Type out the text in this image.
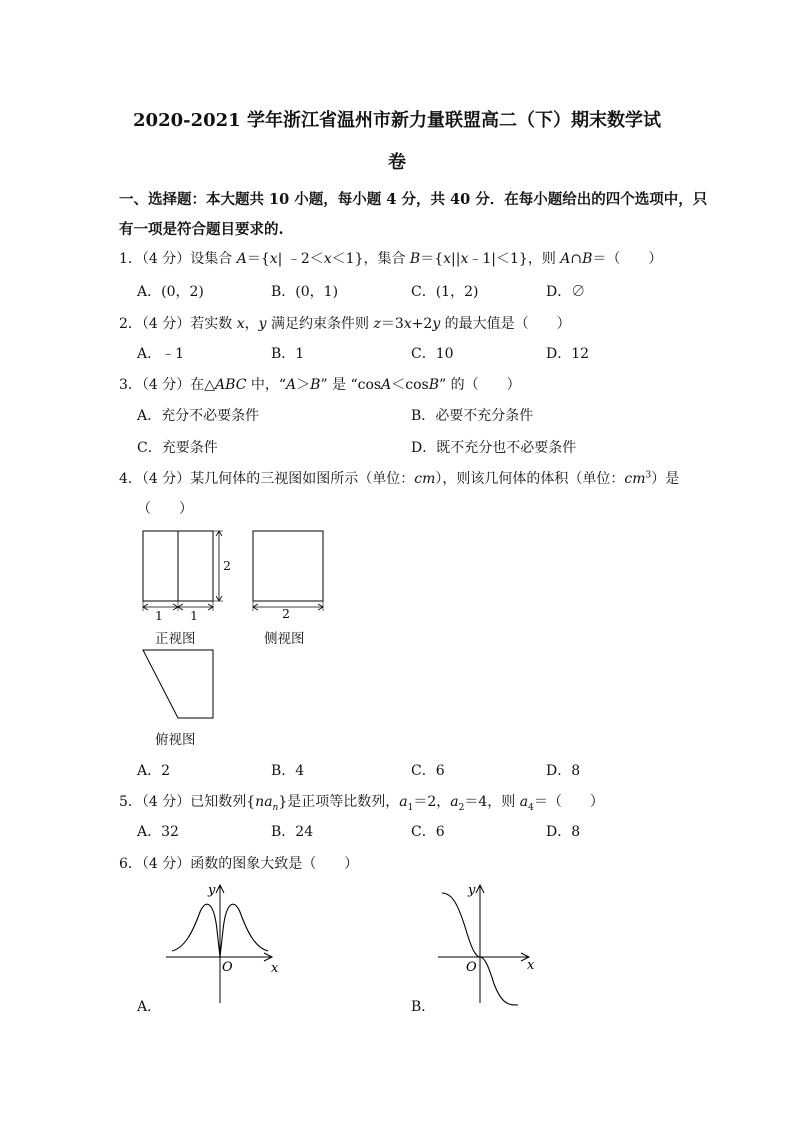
2020-2021 学年浙江省温州市新力量联盟高二（下）期末数学试
卷
一、选择题：本大题共 10 小题，每小题 4 分，共 40 分．在每小题给出的四个选项中，只
有一项是符合题目要求的.
1．（4 分）设集合 A＝{x| ﹣2＜x＜1}，集合 B＝{x||x﹣1|＜1}，则 A∩B＝（　　）
A．(0，2)	B．(0，1)	C．(1，2)	D．∅
2．（4 分）若实数 x，y 满足约束条件则 z＝3x+2y 的最大值是（　　）
A．﹣1	B．1	C．10	D．12
3．（4 分）在△ABC 中，“A＞B” 是 “cosA＜cosB” 的（　　）
A．充分不必要条件	B．必要不充分条件
C．充要条件	D．既不充分也不必要条件
4．（4 分）某几何体的三视图如图所示（单位：cm），则该几何体的体积（单位：$cm^3$）是
（　　）
2
1 1	2
正视图	侧视图
俯视图
A．2	B．4	C．6	D．8
5．（4 分）已知数列$\{na_n\}$是正项等比数列，$a_1=2$，$a_2=4$，则 $a_4=$（　　）
A．32	B．24	C．6	D．8
6．（4 分）函数的图象大致是（　　）
y
x
O
A．
y
x
O
B．
